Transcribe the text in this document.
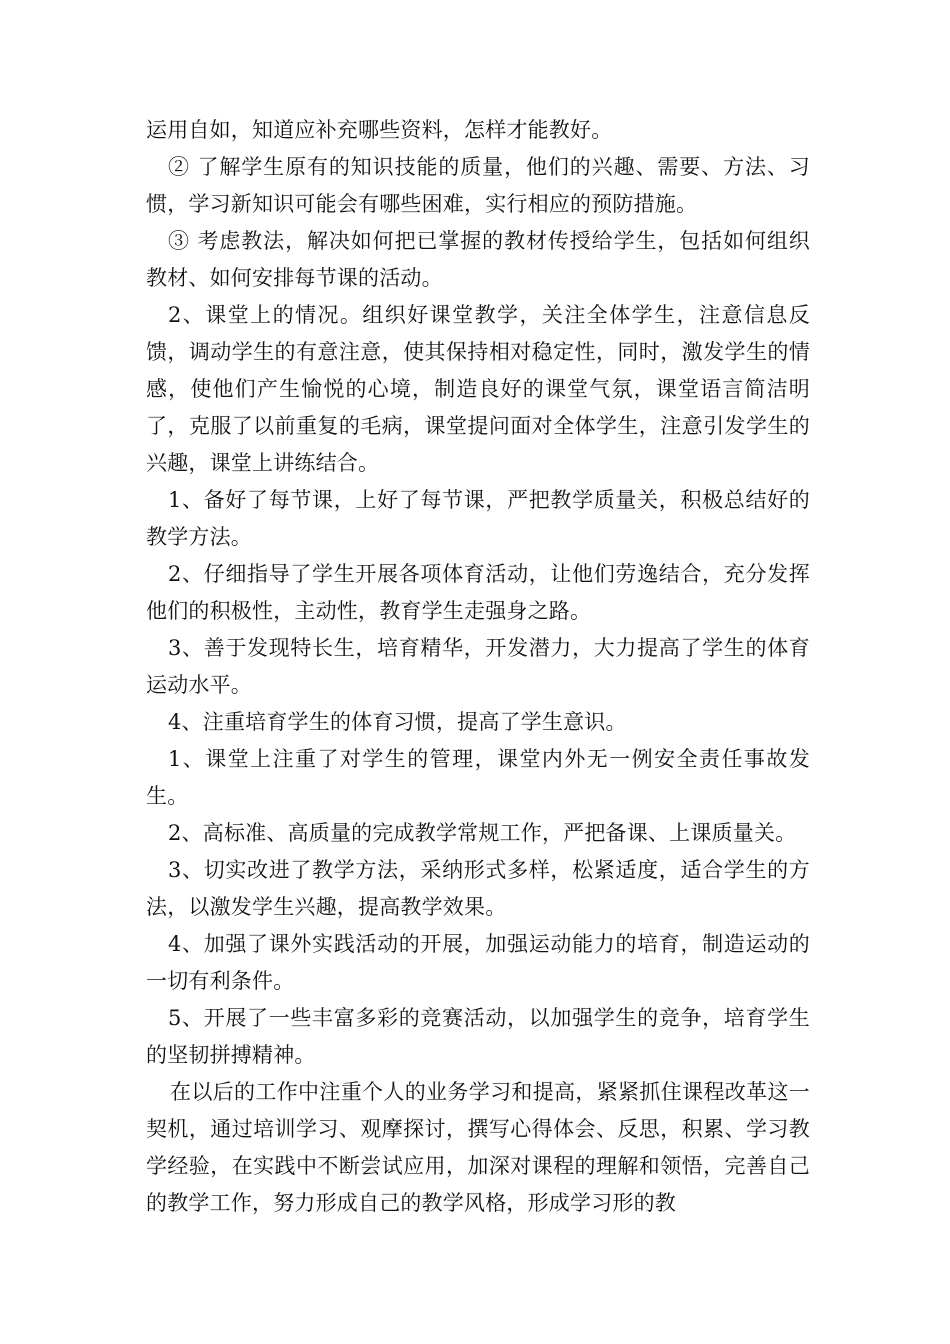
运用自如，知道应补充哪些资料，怎样才能教好。

② 了解学生原有的知识技能的质量，他们的兴趣、需要、方法、习惯，学习新知识可能会有哪些困难，实行相应的预防措施。

③ 考虑教法，解决如何把已掌握的教材传授给学生，包括如何组织教材、如何安排每节课的活动。

2、课堂上的情况。组织好课堂教学，关注全体学生，注意信息反馈，调动学生的有意注意，使其保持相对稳定性，同时，激发学生的情感，使他们产生愉悦的心境，制造良好的课堂气氛，课堂语言简洁明了，克服了以前重复的毛病，课堂提问面对全体学生，注意引发学生的兴趣，课堂上讲练结合。

1、备好了每节课，上好了每节课，严把教学质量关，积极总结好的教学方法。

2、仔细指导了学生开展各项体育活动，让他们劳逸结合，充分发挥他们的积极性，主动性，教育学生走强身之路。

3、善于发现特长生，培育精华，开发潜力，大力提高了学生的体育运动水平。

4、注重培育学生的体育习惯，提高了学生意识。

1、课堂上注重了对学生的管理，课堂内外无一例安全责任事故发生。

2、高标准、高质量的完成教学常规工作，严把备课、上课质量关。

3、切实改进了教学方法，采纳形式多样，松紧适度，适合学生的方法，以激发学生兴趣，提高教学效果。

4、加强了课外实践活动的开展，加强运动能力的培育，制造运动的一切有利条件。

5、开展了一些丰富多彩的竞赛活动，以加强学生的竞争，培育学生的坚韧拼搏精神。

在以后的工作中注重个人的业务学习和提高，紧紧抓住课程改革这一契机，通过培训学习、观摩探讨，撰写心得体会、反思，积累、学习教学经验，在实践中不断尝试应用，加深对课程的理解和领悟，完善自己的教学工作，努力形成自己的教学风格，形成学习形的教
